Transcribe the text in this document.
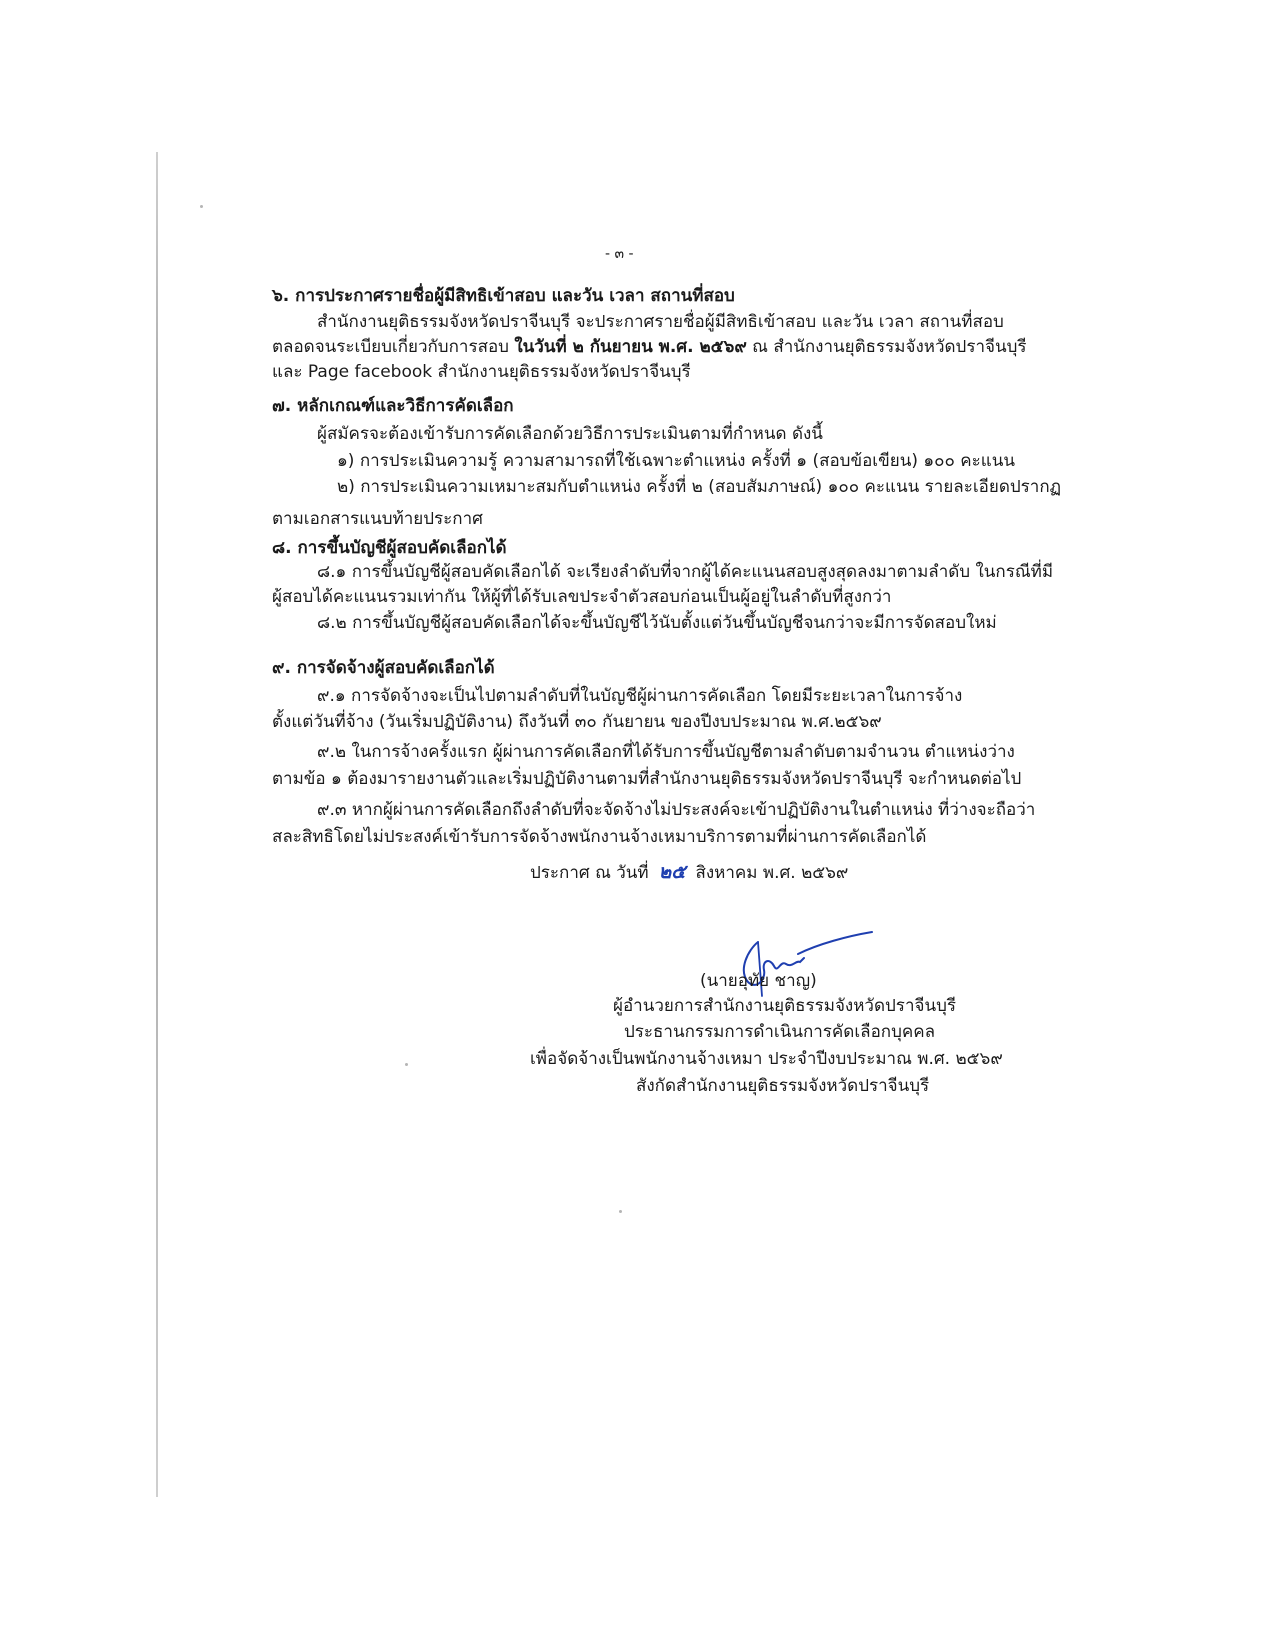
- ๓ -
๖. การประกาศรายชื่อผู้มีสิทธิเข้าสอบ และวัน เวลา สถานที่สอบ
สำนักงานยุติธรรมจังหวัดปราจีนบุรี จะประกาศรายชื่อผู้มีสิทธิเข้าสอบ และวัน เวลา สถานที่สอบ
ตลอดจนระเบียบเกี่ยวกับการสอบ ในวันที่ ๒ กันยายน พ.ศ. ๒๕๖๙ ณ สำนักงานยุติธรรมจังหวัดปราจีนบุรี
และ Page facebook สำนักงานยุติธรรมจังหวัดปราจีนบุรี
๗. หลักเกณฑ์และวิธีการคัดเลือก
ผู้สมัครจะต้องเข้ารับการคัดเลือกด้วยวิธีการประเมินตามที่กำหนด ดังนี้
๑) การประเมินความรู้ ความสามารถที่ใช้เฉพาะตำแหน่ง ครั้งที่ ๑ (สอบข้อเขียน) ๑๐๐ คะแนน
๒) การประเมินความเหมาะสมกับตำแหน่ง ครั้งที่ ๒ (สอบสัมภาษณ์) ๑๐๐ คะแนน รายละเอียดปรากฏ
ตามเอกสารแนบท้ายประกาศ
๘. การขึ้นบัญชีผู้สอบคัดเลือกได้
๘.๑ การขึ้นบัญชีผู้สอบคัดเลือกได้ จะเรียงลำดับที่จากผู้ได้คะแนนสอบสูงสุดลงมาตามลำดับ ในกรณีที่มี
ผู้สอบได้คะแนนรวมเท่ากัน ให้ผู้ที่ได้รับเลขประจำตัวสอบก่อนเป็นผู้อยู่ในลำดับที่สูงกว่า
๘.๒ การขึ้นบัญชีผู้สอบคัดเลือกได้จะขึ้นบัญชีไว้นับตั้งแต่วันขึ้นบัญชีจนกว่าจะมีการจัดสอบใหม่
๙. การจัดจ้างผู้สอบคัดเลือกได้
๙.๑ การจัดจ้างจะเป็นไปตามลำดับที่ในบัญชีผู้ผ่านการคัดเลือก โดยมีระยะเวลาในการจ้าง
ตั้งแต่วันที่จ้าง (วันเริ่มปฏิบัติงาน) ถึงวันที่ ๓๐ กันยายน ของปีงบประมาณ พ.ศ.๒๕๖๙
๙.๒ ในการจ้างครั้งแรก ผู้ผ่านการคัดเลือกที่ได้รับการขึ้นบัญชีตามลำดับตามจำนวน ตำแหน่งว่าง
ตามข้อ ๑ ต้องมารายงานตัวและเริ่มปฏิบัติงานตามที่สำนักงานยุติธรรมจังหวัดปราจีนบุรี จะกำหนดต่อไป
๙.๓ หากผู้ผ่านการคัดเลือกถึงลำดับที่จะจัดจ้างไม่ประสงค์จะเข้าปฏิบัติงานในตำแหน่ง ที่ว่างจะถือว่า
สละสิทธิโดยไม่ประสงค์เข้ารับการจัดจ้างพนักงานจ้างเหมาบริการตามที่ผ่านการคัดเลือกได้
ประกาศ ณ วันที่ ๒๕ สิงหาคม พ.ศ. ๒๕๖๙
(นายอุทัย ชาญ)
ผู้อำนวยการสำนักงานยุติธรรมจังหวัดปราจีนบุรี
ประธานกรรมการดำเนินการคัดเลือกบุคคล
เพื่อจัดจ้างเป็นพนักงานจ้างเหมา ประจำปีงบประมาณ พ.ศ. ๒๕๖๙
สังกัดสำนักงานยุติธรรมจังหวัดปราจีนบุรี
